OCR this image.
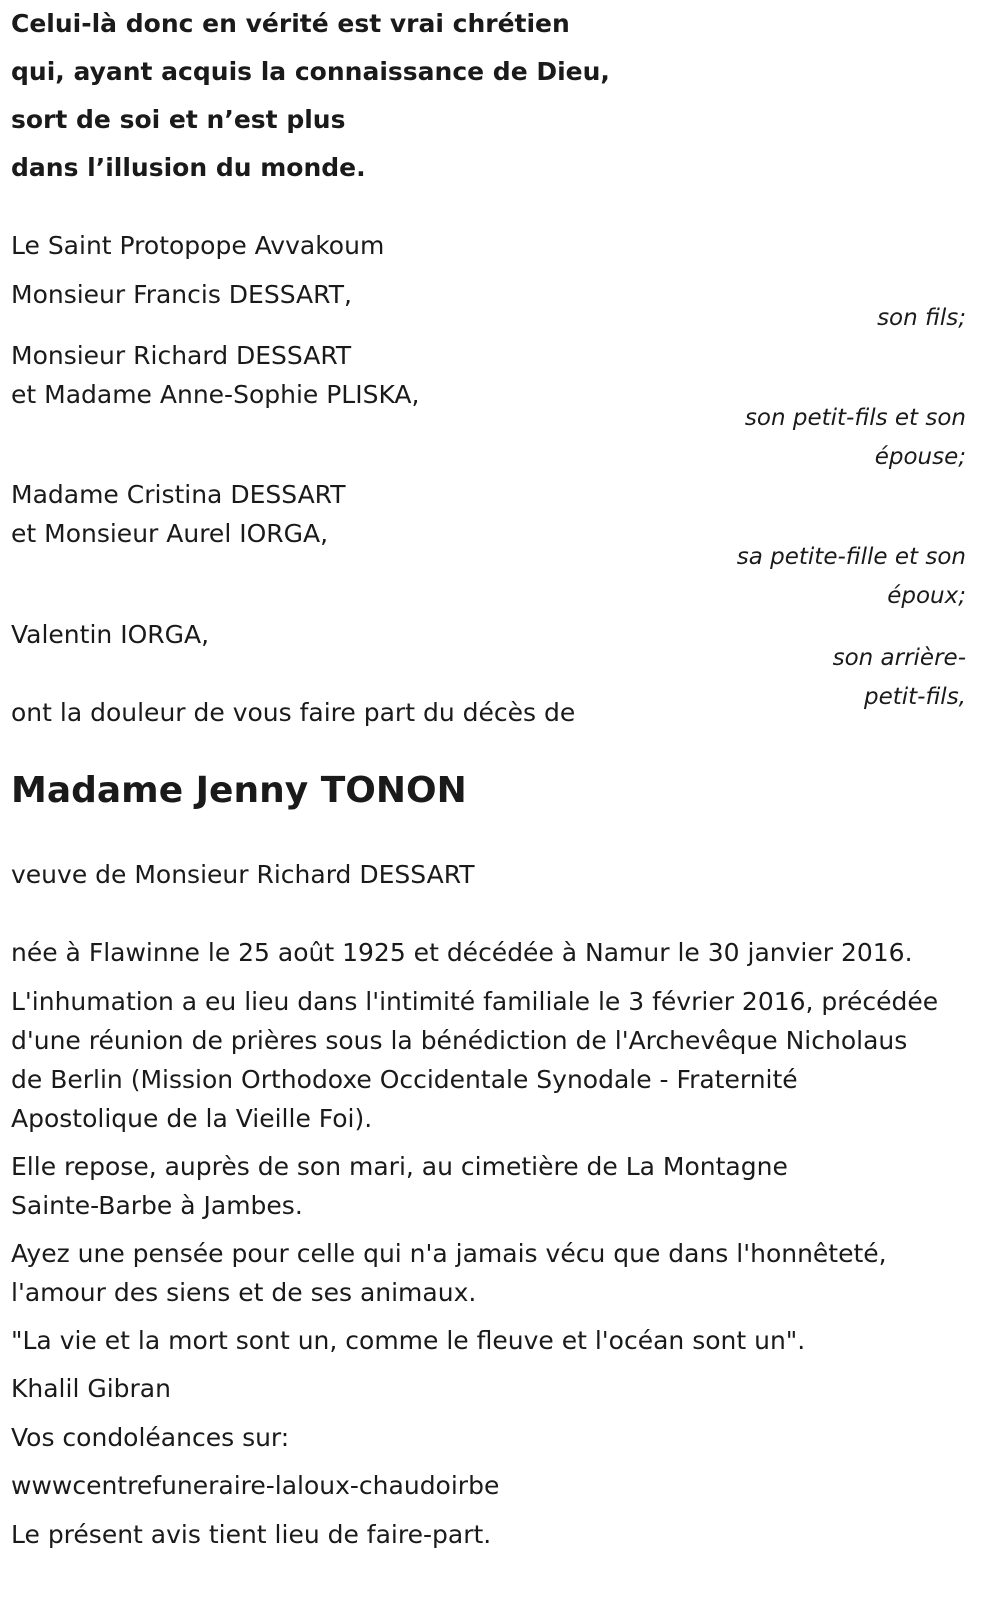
Celui-là donc en vérité est vrai chrétien
qui, ayant acquis la connaissance de Dieu,
sort de soi et n’est plus
dans l’illusion du monde.
Le Saint Protopope Avvakoum
Monsieur Francis DESSART,
son fils;
Monsieur Richard DESSART
et Madame Anne-Sophie PLISKA,
son petit-fils et son
épouse;
Madame Cristina DESSART
et Monsieur Aurel IORGA,
sa petite-fille et son
époux;
Valentin IORGA,
son arrière-
petit-fils,
ont la douleur de vous faire part du décès de
Madame Jenny TONON
veuve de Monsieur Richard DESSART
née à Flawinne le 25 août 1925 et décédée à Namur le 30 janvier 2016.
L'inhumation a eu lieu dans l'intimité familiale le 3 février 2016, précédée
d'une réunion de prières sous la bénédiction de l'Archevêque Nicholaus
de Berlin (Mission Orthodoxe Occidentale Synodale - Fraternité
Apostolique de la Vieille Foi).
Elle repose, auprès de son mari, au cimetière de La Montagne
Sainte-Barbe à Jambes.
Ayez une pensée pour celle qui n'a jamais vécu que dans l'honnêteté,
l'amour des siens et de ses animaux.
"La vie et la mort sont un, comme le fleuve et l'océan sont un".
Khalil Gibran
Vos condoléances sur:
wwwcentrefuneraire-laloux-chaudoirbe
Le présent avis tient lieu de faire-part.
